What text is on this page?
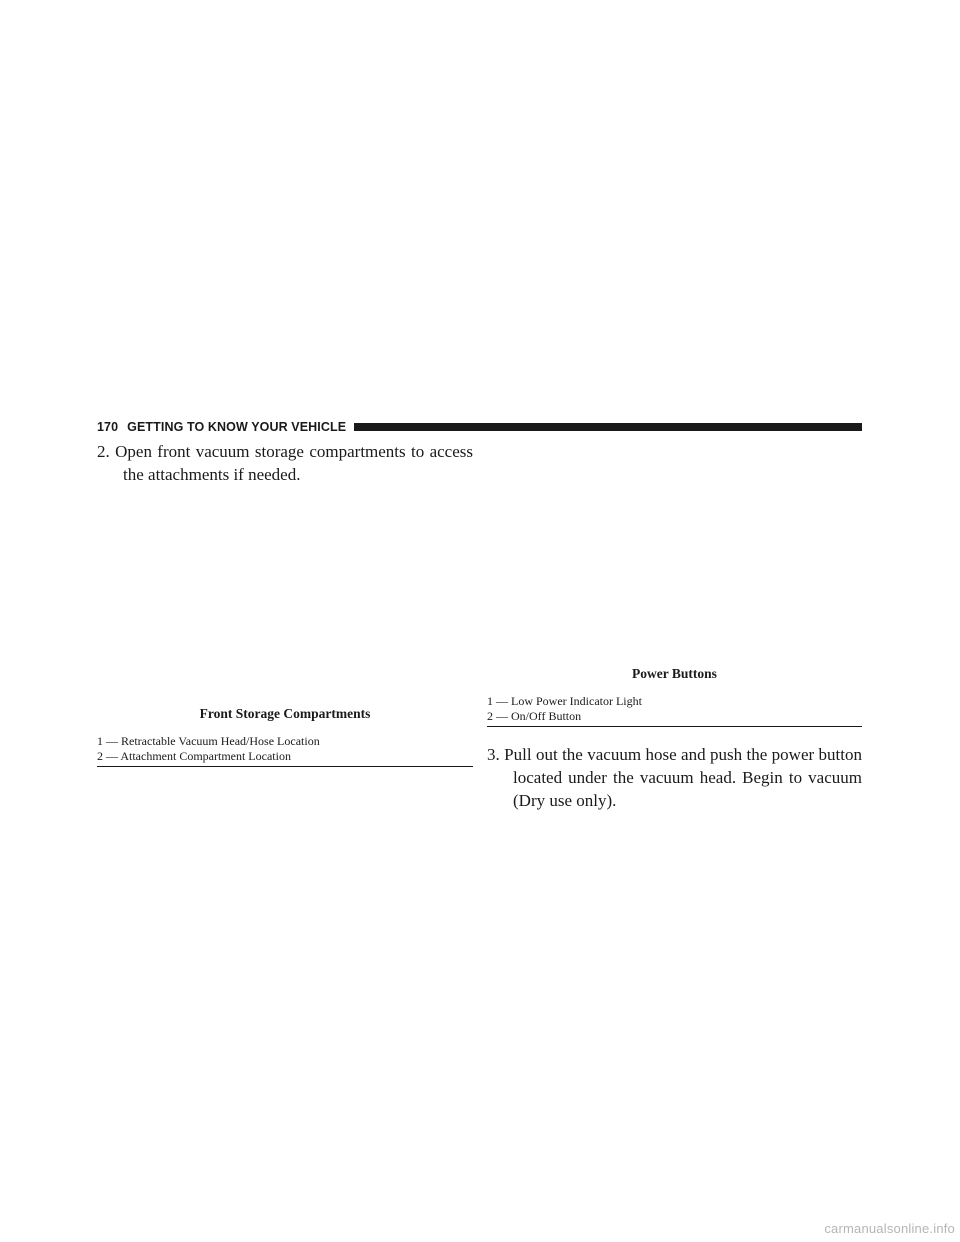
170 GETTING TO KNOW YOUR VEHICLE
2. Open front vacuum storage compartments to access
the attachments if needed.
Front Storage Compartments
1 — Retractable Vacuum Head/Hose Location
2 — Attachment Compartment Location
Power Buttons
1 — Low Power Indicator Light
2 — On/Off Button
3. Pull out the vacuum hose and push the power button
located under the vacuum head. Begin to vacuum
(Dry use only).
carmanualsonline.info
